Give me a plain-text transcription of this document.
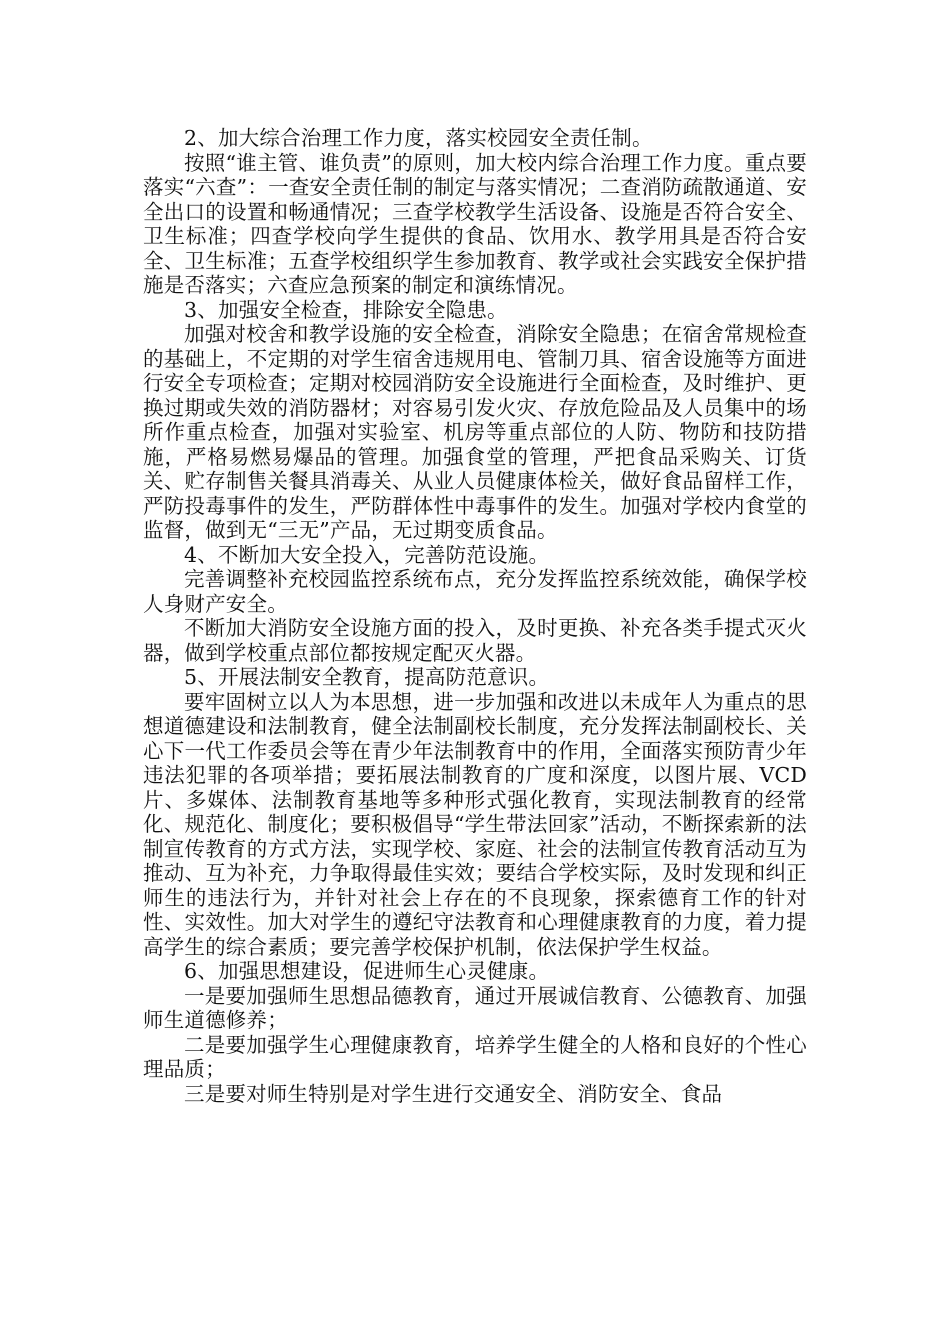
2、加大综合治理工作力度，落实校园安全责任制。

按照“谁主管、谁负责”的原则，加大校内综合治理工作力度。重点要落实“六查”：一查安全责任制的制定与落实情况；二查消防疏散通道、安全出口的设置和畅通情况；三查学校教学生活设备、设施是否符合安全、卫生标准；四查学校向学生提供的食品、饮用水、教学用具是否符合安全、卫生标准；五查学校组织学生参加教育、教学或社会实践安全保护措施是否落实；六查应急预案的制定和演练情况。

3、加强安全检查，排除安全隐患。

加强对校舍和教学设施的安全检查，消除安全隐患；在宿舍常规检查的基础上，不定期的对学生宿舍违规用电、管制刀具、宿舍设施等方面进行安全专项检查；定期对校园消防安全设施进行全面检查，及时维护、更换过期或失效的消防器材；对容易引发火灾、存放危险品及人员集中的场所作重点检查，加强对实验室、机房等重点部位的人防、物防和技防措施，严格易燃易爆品的管理。加强食堂的管理，严把食品采购关、订货关、贮存制售关餐具消毒关、从业人员健康体检关，做好食品留样工作，严防投毒事件的发生，严防群体性中毒事件的发生。加强对学校内食堂的监督，做到无“三无”产品，无过期变质食品。

4、不断加大安全投入，完善防范设施。

完善调整补充校园监控系统布点，充分发挥监控系统效能，确保学校人身财产安全。

不断加大消防安全设施方面的投入，及时更换、补充各类手提式灭火器，做到学校重点部位都按规定配灭火器。

5、开展法制安全教育，提高防范意识。

要牢固树立以人为本思想，进一步加强和改进以未成年人为重点的思想道德建设和法制教育，健全法制副校长制度，充分发挥法制副校长、关心下一代工作委员会等在青少年法制教育中的作用，全面落实预防青少年违法犯罪的各项举措；要拓展法制教育的广度和深度，以图片展、VCD片、多媒体、法制教育基地等多种形式强化教育，实现法制教育的经常化、规范化、制度化；要积极倡导“学生带法回家”活动，不断探索新的法制宣传教育的方式方法，实现学校、家庭、社会的法制宣传教育活动互为推动、互为补充，力争取得最佳实效；要结合学校实际，及时发现和纠正师生的违法行为，并针对社会上存在的不良现象，探索德育工作的针对性、实效性。加大对学生的遵纪守法教育和心理健康教育的力度，着力提高学生的综合素质；要完善学校保护机制，依法保护学生权益。

6、加强思想建设，促进师生心灵健康。

一是要加强师生思想品德教育，通过开展诚信教育、公德教育、加强师生道德修养；

二是要加强学生心理健康教育，培养学生健全的人格和良好的个性心理品质；

三是要对师生特别是对学生进行交通安全、消防安全、食品
